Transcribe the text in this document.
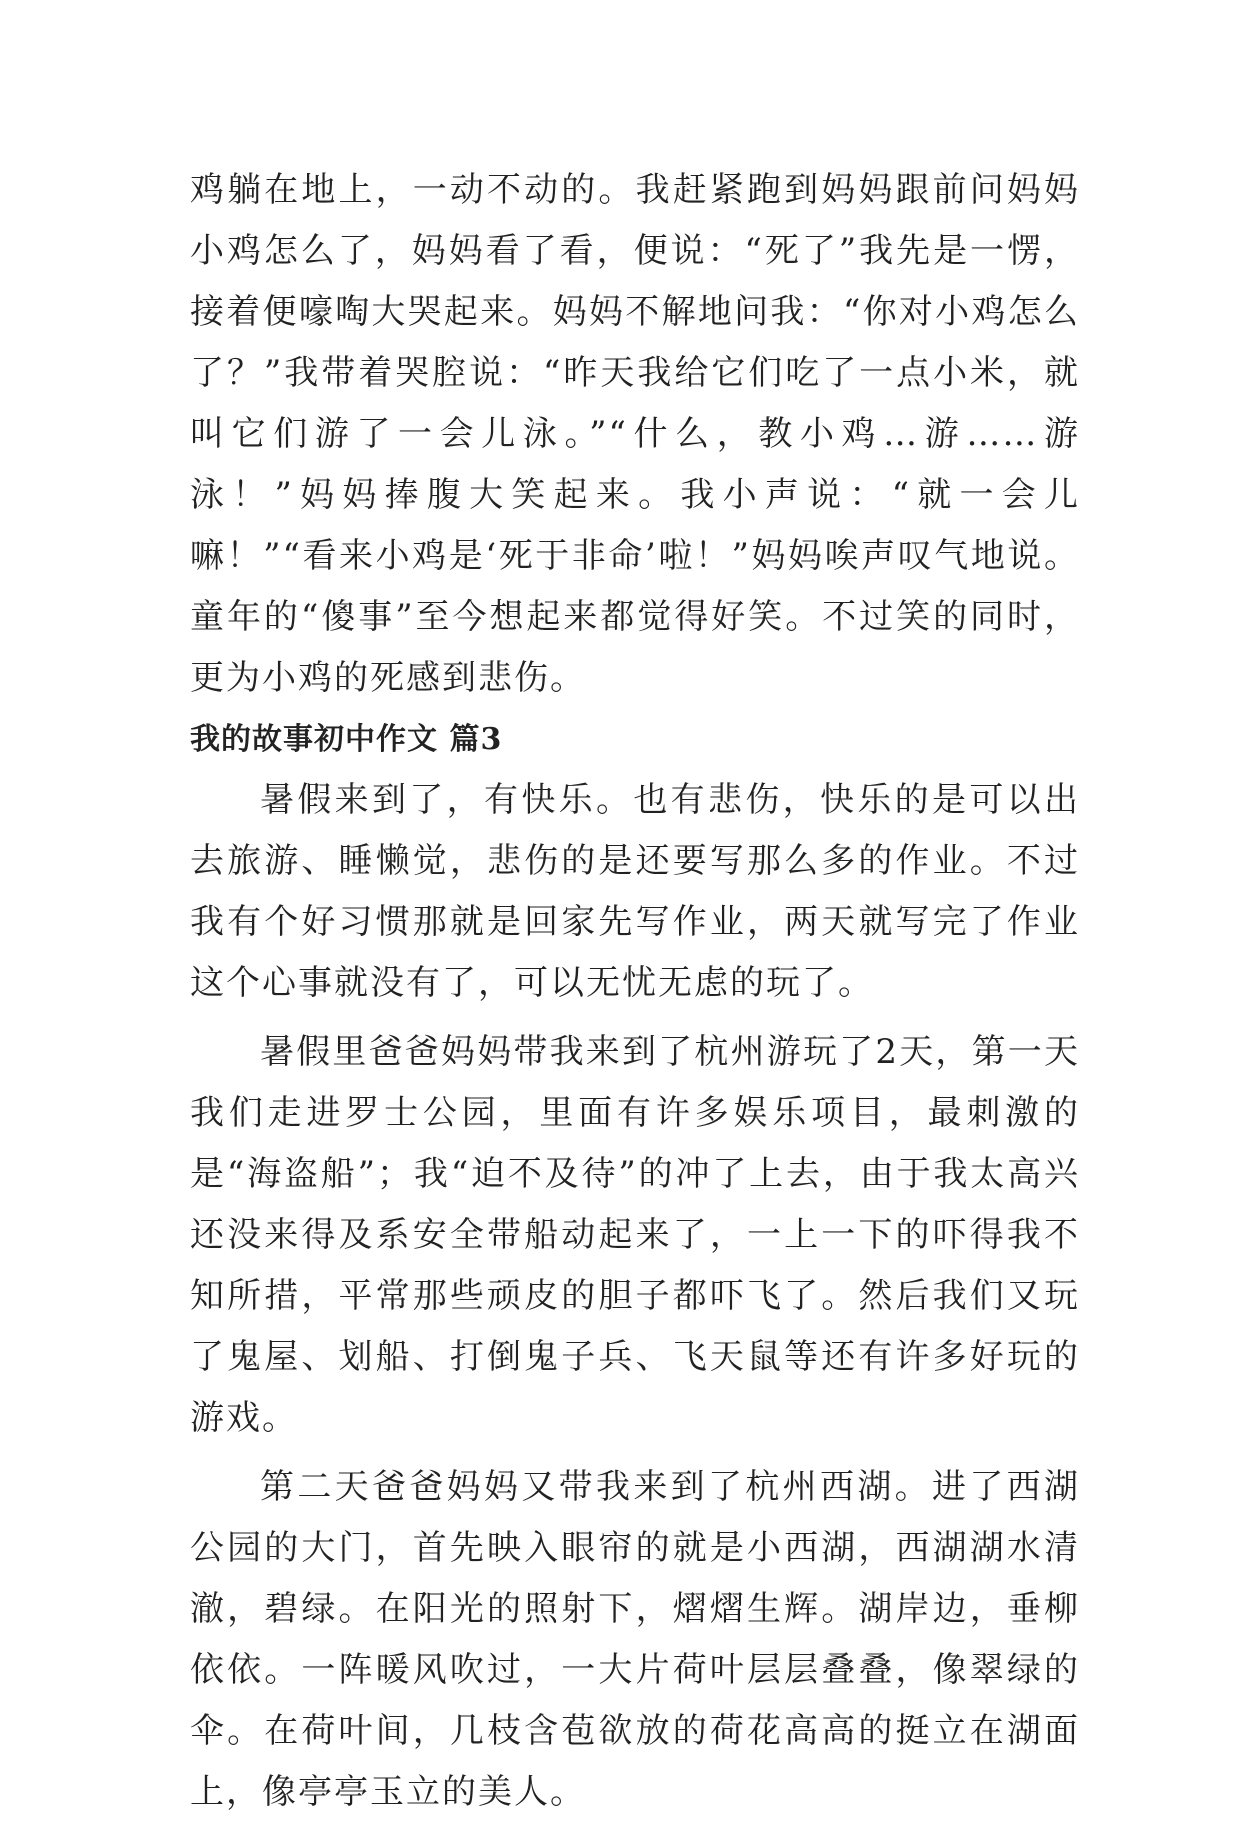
鸡躺在地上，一动不动的。我赶紧跑到妈妈跟前问妈妈小鸡怎么了，妈妈看了看，便说：“死了”我先是一愣，接着便嚎啕大哭起来。妈妈不解地问我：“你对小鸡怎么了？”我带着哭腔说：“昨天我给它们吃了一点小米，就叫它们游了一会儿泳。”“什么，教小鸡…游……游泳！”妈妈捧腹大笑起来。我小声说：“就一会儿嘛！”“看来小鸡是‘死于非命’啦！”妈妈唉声叹气地说。童年的“傻事”至今想起来都觉得好笑。不过笑的同时，更为小鸡的死感到悲伤。

我的故事初中作文 篇3

暑假来到了，有快乐。也有悲伤，快乐的是可以出去旅游、睡懒觉，悲伤的是还要写那么多的作业。不过我有个好习惯那就是回家先写作业，两天就写完了作业这个心事就没有了，可以无忧无虑的玩了。

暑假里爸爸妈妈带我来到了杭州游玩了2天，第一天我们走进罗士公园，里面有许多娱乐项目，最刺激的是“海盗船”；我“迫不及待”的冲了上去，由于我太高兴还没来得及系安全带船动起来了，一上一下的吓得我不知所措，平常那些顽皮的胆子都吓飞了。然后我们又玩了鬼屋、划船、打倒鬼子兵、飞天鼠等还有许多好玩的游戏。

第二天爸爸妈妈又带我来到了杭州西湖。进了西湖公园的大门，首先映入眼帘的就是小西湖，西湖湖水清澈，碧绿。在阳光的照射下，熠熠生辉。湖岸边，垂柳依依。一阵暖风吹过，一大片荷叶层层叠叠，像翠绿的伞。在荷叶间，几枝含苞欲放的荷花高高的挺立在湖面上，像亭亭玉立的美人。
